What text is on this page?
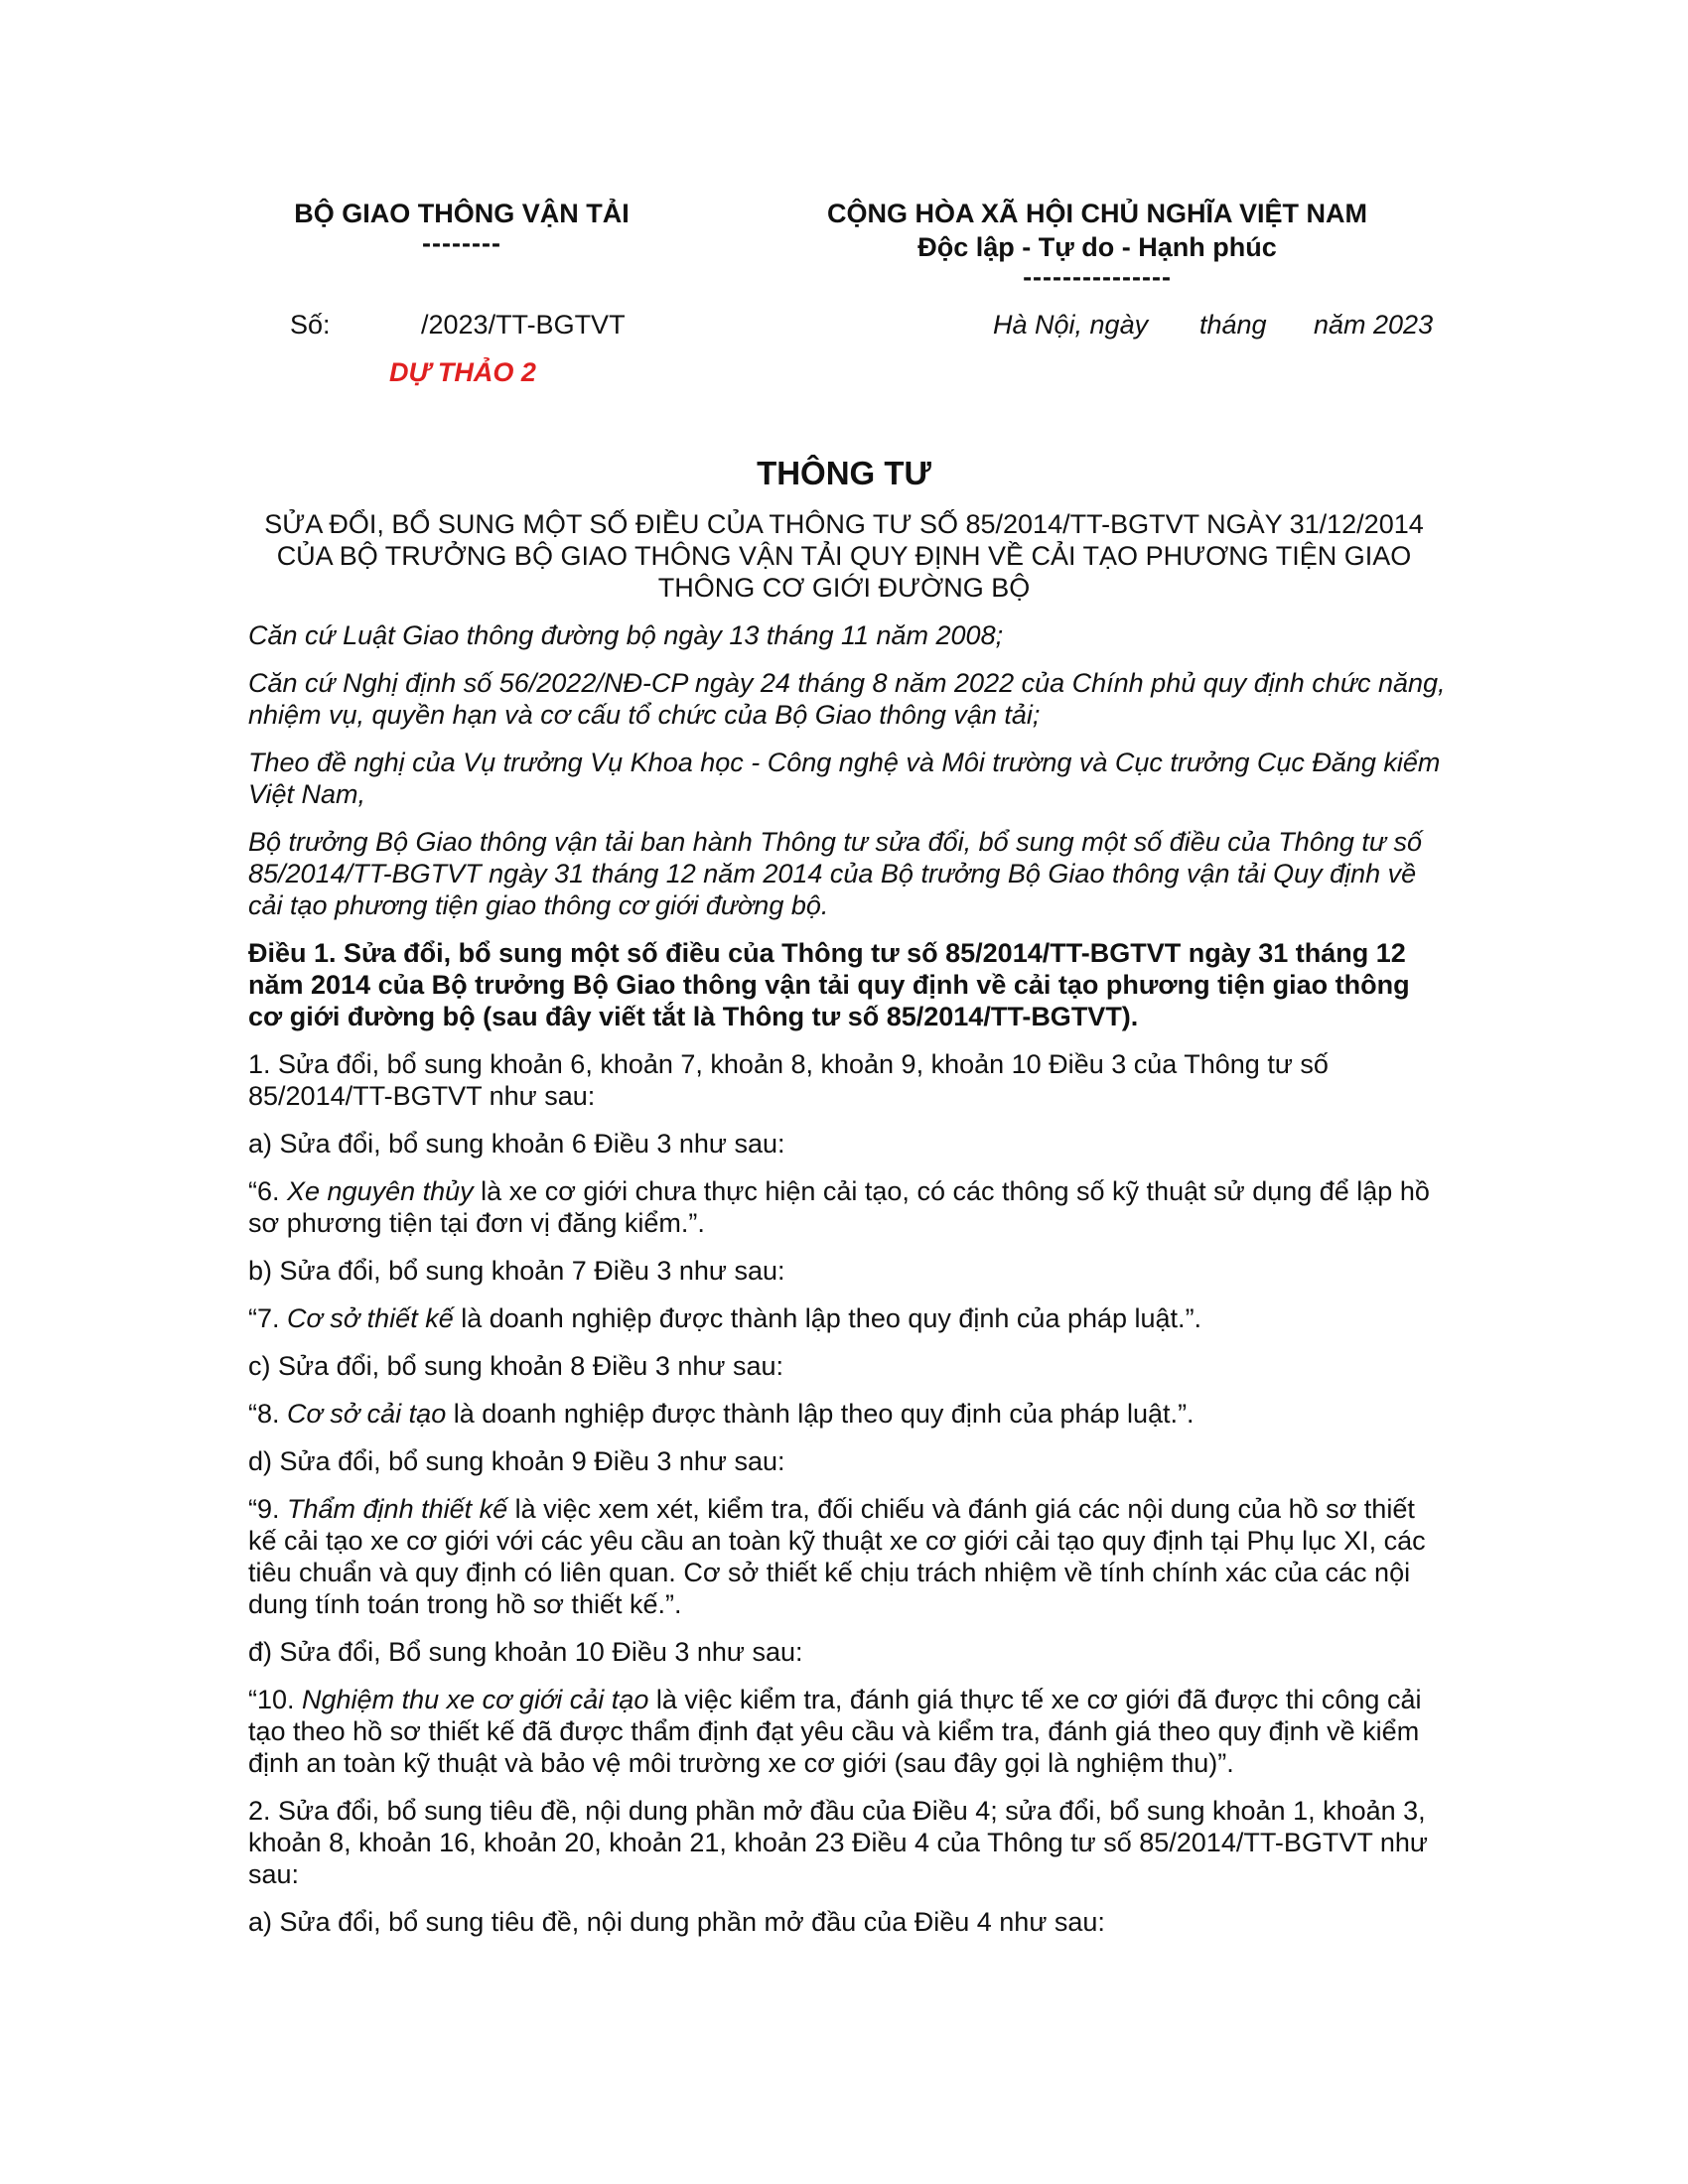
BỘ GIAO THÔNG VẬN TẢI
--------
CỘNG HÒA XÃ HỘI CHỦ NGHĨA VIỆT NAM
Độc lập - Tự do - Hạnh phúc
---------------
Số:	/2023/TT-BGTVT	Hà Nội, ngày tháng năm 2023
DỰ THẢO 2
THÔNG TƯ
SỬA ĐỔI, BỔ SUNG MỘT SỐ ĐIỀU CỦA THÔNG TƯ SỐ 85/2014/TT-BGTVT NGÀY 31/12/2014 CỦA BỘ TRƯỞNG BỘ GIAO THÔNG VẬN TẢI QUY ĐỊNH VỀ CẢI TẠO PHƯƠNG TIỆN GIAO THÔNG CƠ GIỚI ĐƯỜNG BỘ

Căn cứ Luật Giao thông đường bộ ngày 13 tháng 11 năm 2008;

Căn cứ Nghị định số 56/2022/NĐ-CP ngày 24 tháng 8 năm 2022 của Chính phủ quy định chức năng, nhiệm vụ, quyền hạn và cơ cấu tổ chức của Bộ Giao thông vận tải;

Theo đề nghị của Vụ trưởng Vụ Khoa học - Công nghệ và Môi trường và Cục trưởng Cục Đăng kiểm Việt Nam,

Bộ trưởng Bộ Giao thông vận tải ban hành Thông tư sửa đổi, bổ sung một số điều của Thông tư số 85/2014/TT-BGTVT ngày 31 tháng 12 năm 2014 của Bộ trưởng Bộ Giao thông vận tải Quy định về cải tạo phương tiện giao thông cơ giới đường bộ.

Điều 1. Sửa đổi, bổ sung một số điều của Thông tư số 85/2014/TT-BGTVT ngày 31 tháng 12 năm 2014 của Bộ trưởng Bộ Giao thông vận tải quy định về cải tạo phương tiện giao thông cơ giới đường bộ (sau đây viết tắt là Thông tư số 85/2014/TT-BGTVT).

1. Sửa đổi, bổ sung khoản 6, khoản 7, khoản 8, khoản 9, khoản 10 Điều 3 của Thông tư số 85/2014/TT-BGTVT như sau:

a) Sửa đổi, bổ sung khoản 6 Điều 3 như sau:

“6. Xe nguyên thủy là xe cơ giới chưa thực hiện cải tạo, có các thông số kỹ thuật sử dụng để lập hồ sơ phương tiện tại đơn vị đăng kiểm.”.

b) Sửa đổi, bổ sung khoản 7 Điều 3 như sau:

“7. Cơ sở thiết kế là doanh nghiệp được thành lập theo quy định của pháp luật.”.

c) Sửa đổi, bổ sung khoản 8 Điều 3 như sau:

“8. Cơ sở cải tạo là doanh nghiệp được thành lập theo quy định của pháp luật.”.

d) Sửa đổi, bổ sung khoản 9 Điều 3 như sau:

“9. Thẩm định thiết kế là việc xem xét, kiểm tra, đối chiếu và đánh giá các nội dung của hồ sơ thiết kế cải tạo xe cơ giới với các yêu cầu an toàn kỹ thuật xe cơ giới cải tạo quy định tại Phụ lục XI, các tiêu chuẩn và quy định có liên quan. Cơ sở thiết kế chịu trách nhiệm về tính chính xác của các nội dung tính toán trong hồ sơ thiết kế.”.

đ) Sửa đổi, Bổ sung khoản 10 Điều 3 như sau:

“10. Nghiệm thu xe cơ giới cải tạo là việc kiểm tra, đánh giá thực tế xe cơ giới đã được thi công cải tạo theo hồ sơ thiết kế đã được thẩm định đạt yêu cầu và kiểm tra, đánh giá theo quy định về kiểm định an toàn kỹ thuật và bảo vệ môi trường xe cơ giới (sau đây gọi là nghiệm thu)”.

2. Sửa đổi, bổ sung tiêu đề, nội dung phần mở đầu của Điều 4; sửa đổi, bổ sung khoản 1, khoản 3, khoản 8, khoản 16, khoản 20, khoản 21, khoản 23 Điều 4 của Thông tư số 85/2014/TT-BGTVT như sau:

a) Sửa đổi, bổ sung tiêu đề, nội dung phần mở đầu của Điều 4 như sau:
